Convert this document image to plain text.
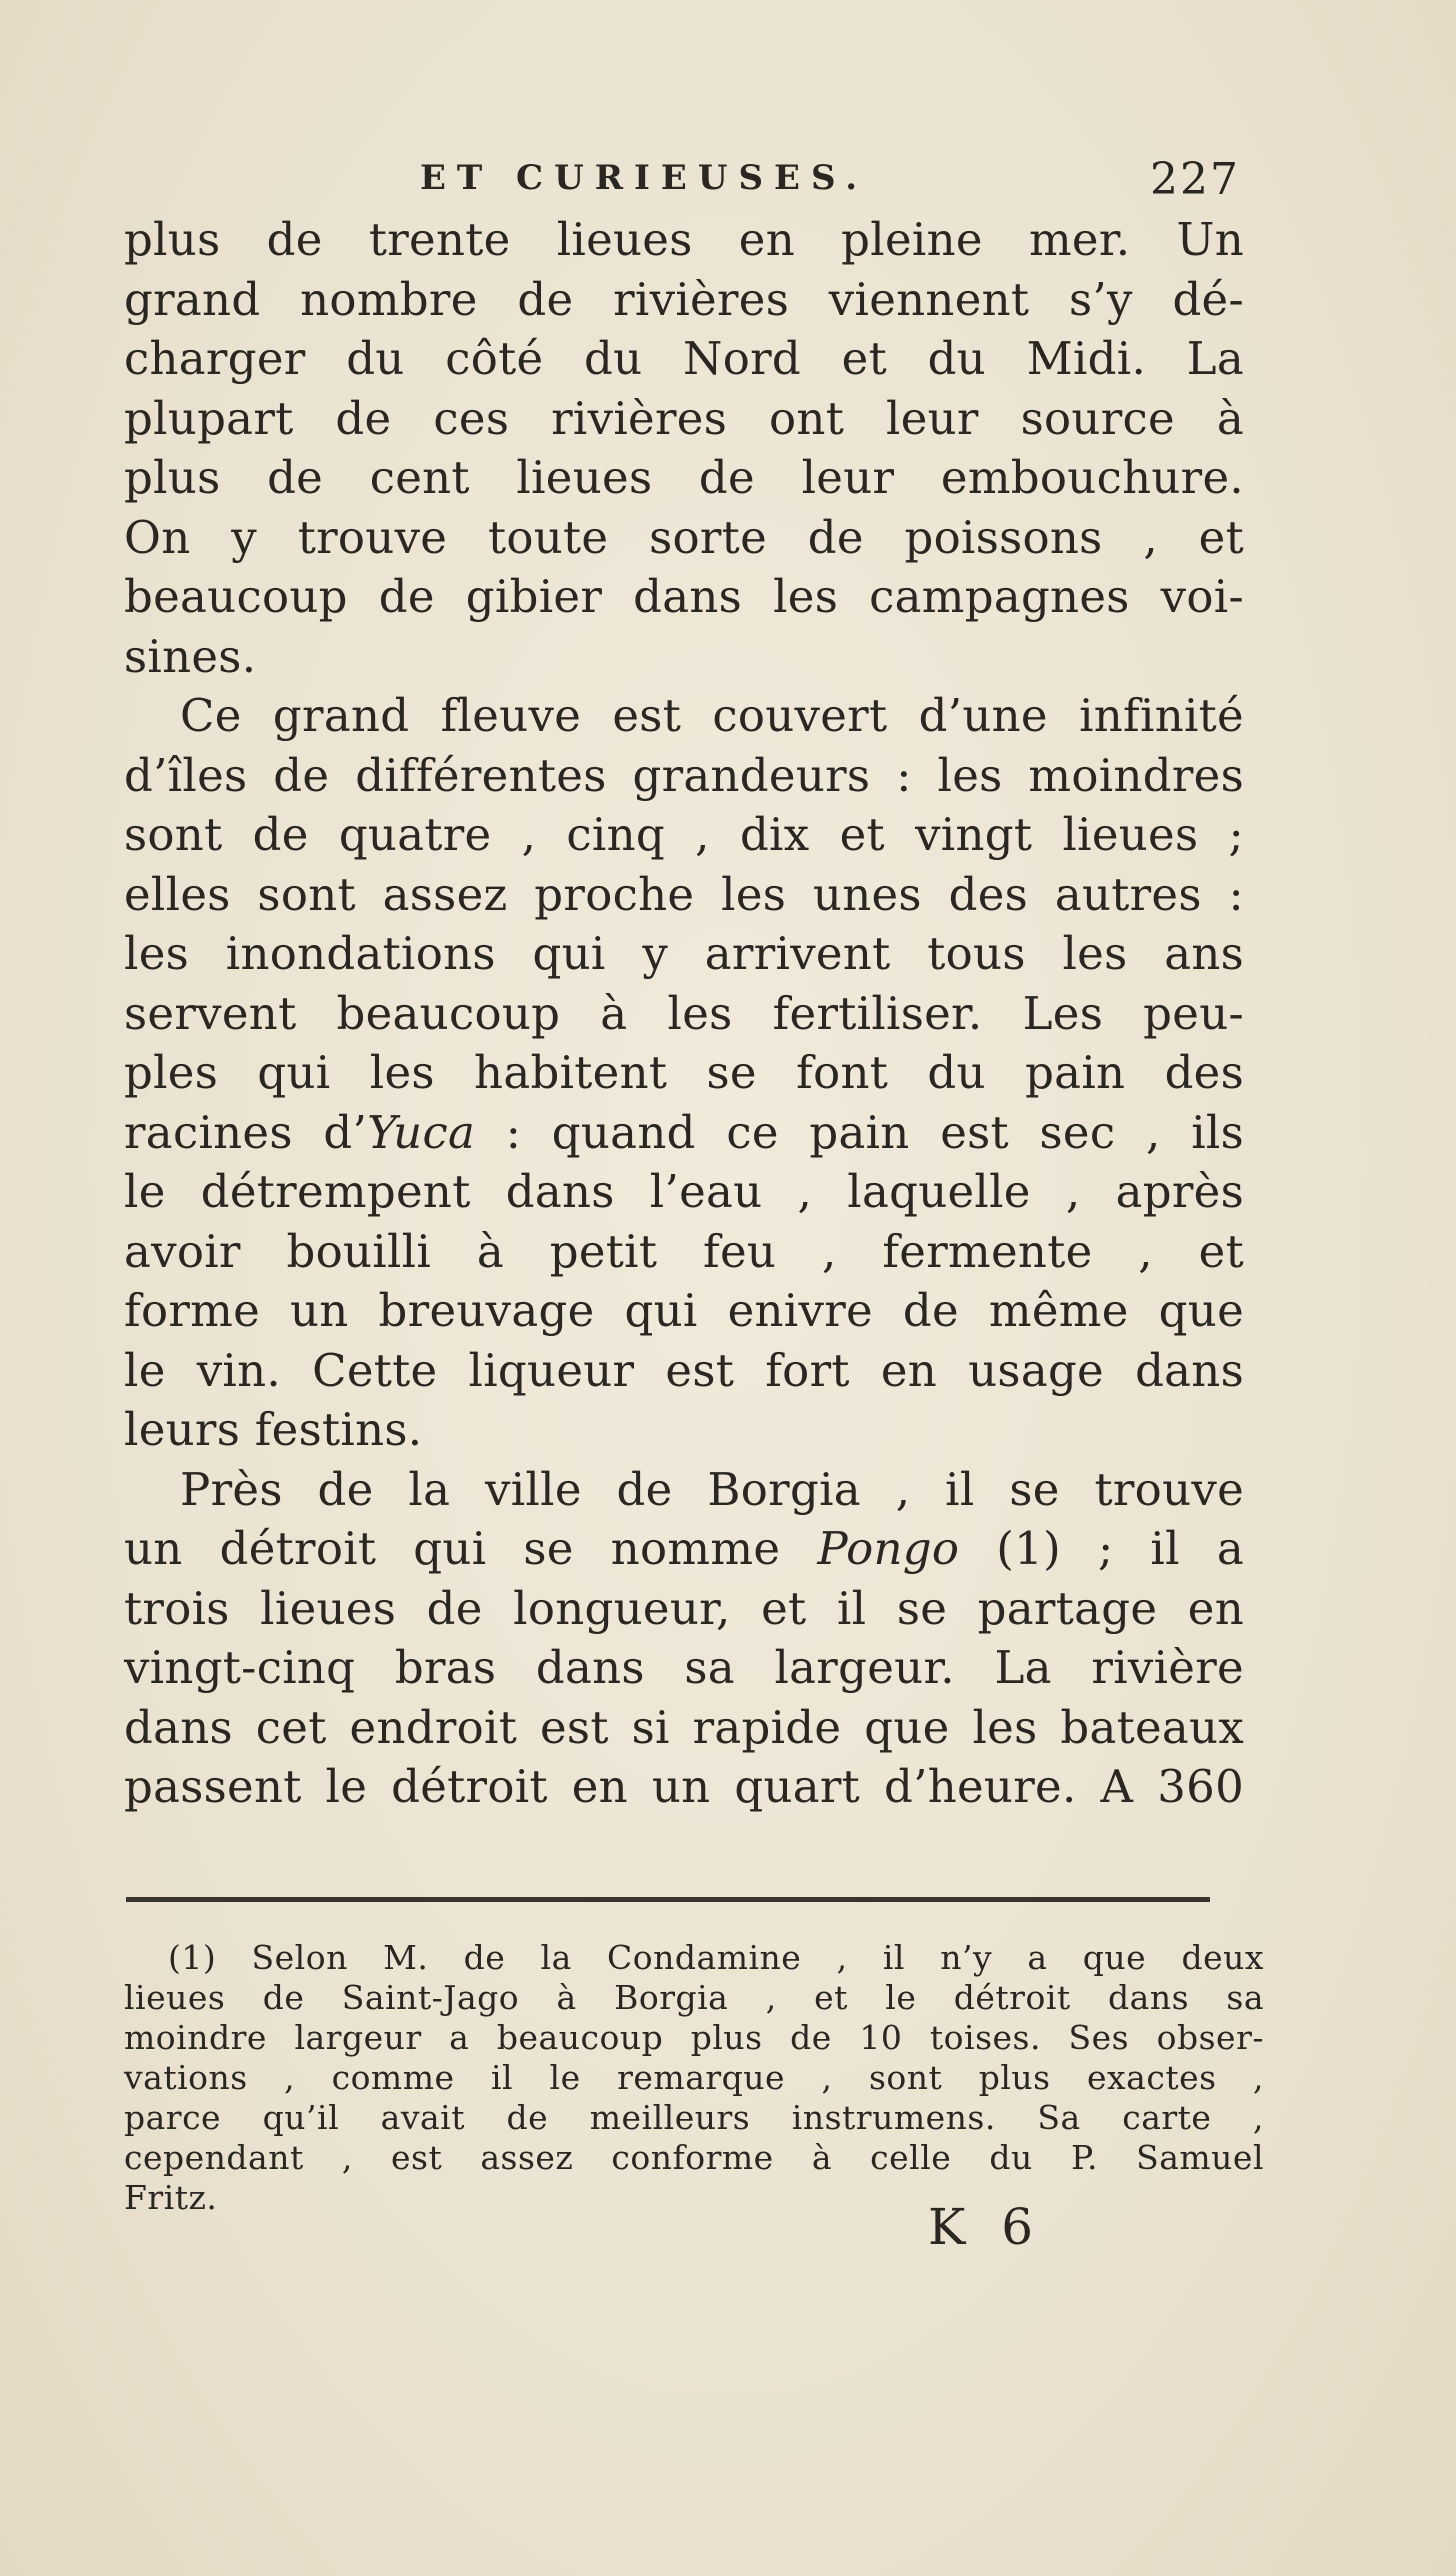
ET CURIEUSES.	227
plus de trente lieues en pleine mer. Un
grand nombre de rivières viennent s’y dé-
charger du côté du Nord et du Midi. La
plupart de ces rivières ont leur source à
plus de cent lieues de leur embouchure.
On y trouve toute sorte de poissons , et
beaucoup de gibier dans les campagnes voi-
sines.
Ce grand fleuve est couvert d’une infinité
d’îles de différentes grandeurs : les moindres
sont de quatre , cinq , dix et vingt lieues ;
elles sont assez proche les unes des autres :
les inondations qui y arrivent tous les ans
servent beaucoup à les fertiliser. Les peu-
ples qui les habitent se font du pain des
racines d’Yuca : quand ce pain est sec , ils
le détrempent dans l’eau , laquelle , après
avoir bouilli à petit feu , fermente , et
forme un breuvage qui enivre de même que
le vin. Cette liqueur est fort en usage dans
leurs festins.
Près de la ville de Borgia , il se trouve
un détroit qui se nomme Pongo (1) ; il a
trois lieues de longueur, et il se partage en
vingt-cinq bras dans sa largeur. La rivière
dans cet endroit est si rapide que les bateaux
passent le détroit en un quart d’heure. A 360
(1) Selon M. de la Condamine , il n’y a que deux
lieues de Saint-Jago à Borgia , et le détroit dans sa
moindre largeur a beaucoup plus de 10 toises. Ses obser-
vations , comme il le remarque , sont plus exactes ,
parce qu’il avait de meilleurs instrumens. Sa carte ,
cependant , est assez conforme à celle du P. Samuel
Fritz.
K 6
